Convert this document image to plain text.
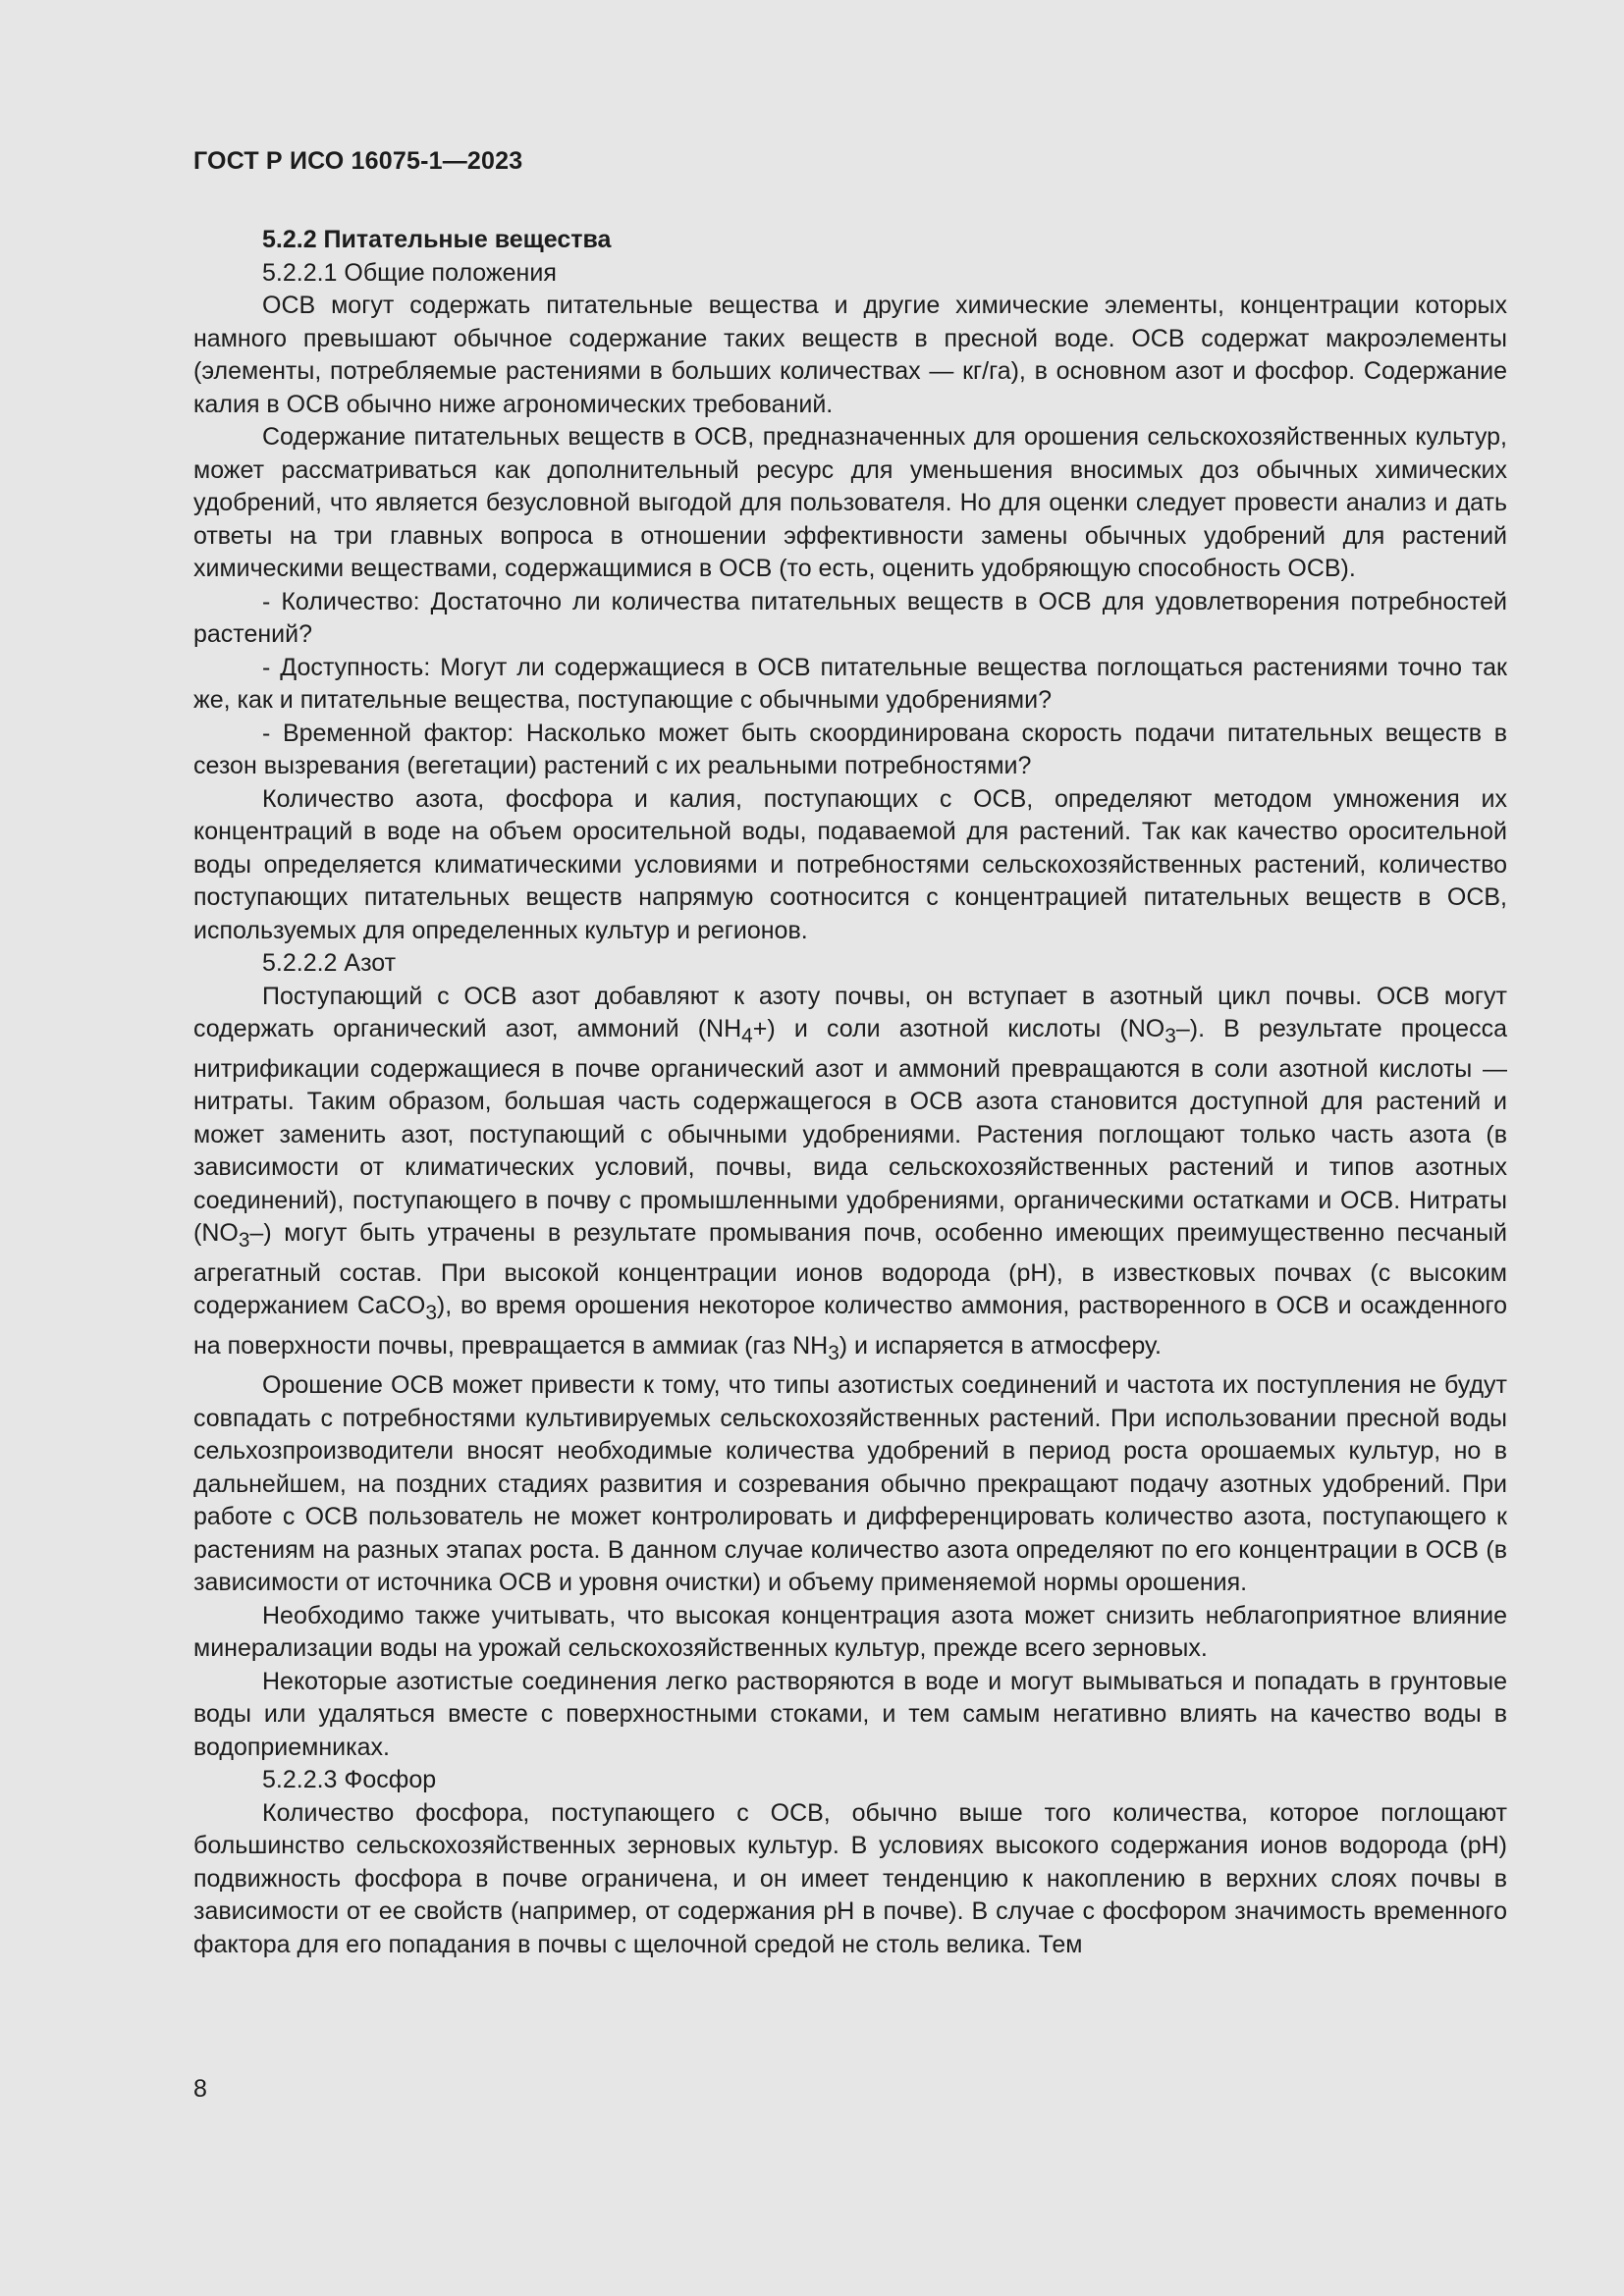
ГОСТ Р ИСО 16075-1—2023

5.2.2 Питательные вещества

5.2.2.1 Общие положения

ОСВ могут содержать питательные вещества и другие химические элементы, концентрации которых намного превышают обычное содержание таких веществ в пресной воде. ОСВ содержат макроэлементы (элементы, потребляемые растениями в больших количествах — кг/га), в основном азот и фосфор. Содержание калия в ОСВ обычно ниже агрономических требований.

Содержание питательных веществ в ОСВ, предназначенных для орошения сельскохозяйственных культур, может рассматриваться как дополнительный ресурс для уменьшения вносимых доз обычных химических удобрений, что является безусловной выгодой для пользователя. Но для оценки следует провести анализ и дать ответы на три главных вопроса в отношении эффективности замены обычных удобрений для растений химическими веществами, содержащимися в ОСВ (то есть, оценить удобряющую способность ОСВ).

- Количество: Достаточно ли количества питательных веществ в ОСВ для удовлетворения потребностей растений?

- Доступность: Могут ли содержащиеся в ОСВ питательные вещества поглощаться растениями точно так же, как и питательные вещества, поступающие с обычными удобрениями?

- Временной фактор: Насколько может быть скоординирована скорость подачи питательных веществ в сезон вызревания (вегетации) растений с их реальными потребностями?

Количество азота, фосфора и калия, поступающих с ОСВ, определяют методом умножения их концентраций в воде на объем оросительной воды, подаваемой для растений. Так как качество оросительной воды определяется климатическими условиями и потребностями сельскохозяйственных растений, количество поступающих питательных веществ напрямую соотносится с концентрацией питательных веществ в ОСВ, используемых для определенных культур и регионов.

5.2.2.2 Азот

Поступающий с ОСВ азот добавляют к азоту почвы, он вступает в азотный цикл почвы. ОСВ могут содержать органический азот, аммоний $(NH_4+)$ и соли азотной кислоты $(NO_3-)$. В результате процесса нитрификации содержащиеся в почве органический азот и аммоний превращаются в соли азотной кислоты — нитраты. Таким образом, большая часть содержащегося в ОСВ азота становится доступной для растений и может заменить азот, поступающий с обычными удобрениями. Растения поглощают только часть азота (в зависимости от климатических условий, почвы, вида сельскохозяйственных растений и типов азотных соединений), поступающего в почву с промышленными удобрениями, органическими остатками и ОСВ. Нитраты $(NO_3-)$ могут быть утрачены в результате промывания почв, особенно имеющих преимущественно песчаный агрегатный состав. При высокой концентрации ионов водорода (pH), в известковых почвах (с высоким содержанием CaCO$_3$), во время орошения некоторое количество аммония, растворенного в ОСВ и осажденного на поверхности почвы, превращается в аммиак (газ $NH_3$) и испаряется в атмосферу.

Орошение ОСВ может привести к тому, что типы азотистых соединений и частота их поступления не будут совпадать с потребностями культивируемых сельскохозяйственных растений. При использовании пресной воды сельхозпроизводители вносят необходимые количества удобрений в период роста орошаемых культур, но в дальнейшем, на поздних стадиях развития и созревания обычно прекращают подачу азотных удобрений. При работе с ОСВ пользователь не может контролировать и дифференцировать количество азота, поступающего к растениям на разных этапах роста. В данном случае количество азота определяют по его концентрации в ОСВ (в зависимости от источника ОСВ и уровня очистки) и объему применяемой нормы орошения.

Необходимо также учитывать, что высокая концентрация азота может снизить неблагоприятное влияние минерализации воды на урожай сельскохозяйственных культур, прежде всего зерновых.

Некоторые азотистые соединения легко растворяются в воде и могут вымываться и попадать в грунтовые воды или удаляться вместе с поверхностными стоками, и тем самым негативно влиять на качество воды в водоприемниках.

5.2.2.3 Фосфор

Количество фосфора, поступающего с ОСВ, обычно выше того количества, которое поглощают большинство сельскохозяйственных зерновых культур. В условиях высокого содержания ионов водорода (pH) подвижность фосфора в почве ограничена, и он имеет тенденцию к накоплению в верхних слоях почвы в зависимости от ее свойств (например, от содержания pH в почве). В случае с фосфором значимость временного фактора для его попадания в почвы с щелочной средой не столь велика. Тем

8
